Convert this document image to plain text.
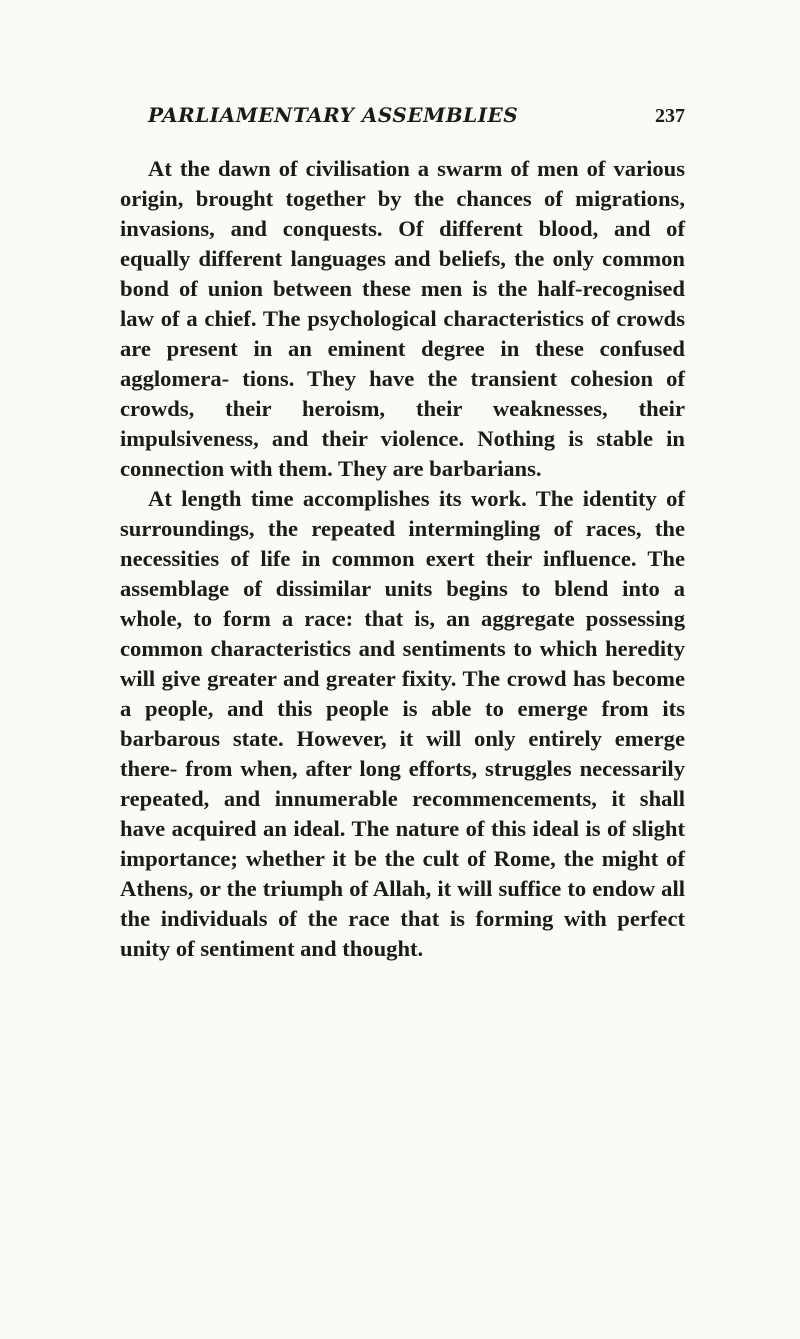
PARLIAMENTARY ASSEMBLIES	237

At the dawn of civilisation a swarm of men of various origin, brought together by the chances of migrations, invasions, and conquests. Of different blood, and of equally different languages and beliefs, the only common bond of union between these men is the half-recognised law of a chief. The psychological characteristics of crowds are present in an eminent degree in these confused agglomera- tions. They have the transient cohesion of crowds, their heroism, their weaknesses, their impulsiveness, and their violence. Nothing is stable in connection with them. They are barbarians.

At length time accomplishes its work. The identity of surroundings, the repeated intermingling of races, the necessities of life in common exert their influence. The assemblage of dissimilar units begins to blend into a whole, to form a race: that is, an aggregate possessing common characteristics and sentiments to which heredity will give greater and greater fixity. The crowd has become a people, and this people is able to emerge from its barbarous state. However, it will only entirely emerge there- from when, after long efforts, struggles necessarily repeated, and innumerable recommencements, it shall have acquired an ideal. The nature of this ideal is of slight importance; whether it be the cult of Rome, the might of Athens, or the triumph of Allah, it will suffice to endow all the individuals of the race that is forming with perfect unity of sentiment and thought.
